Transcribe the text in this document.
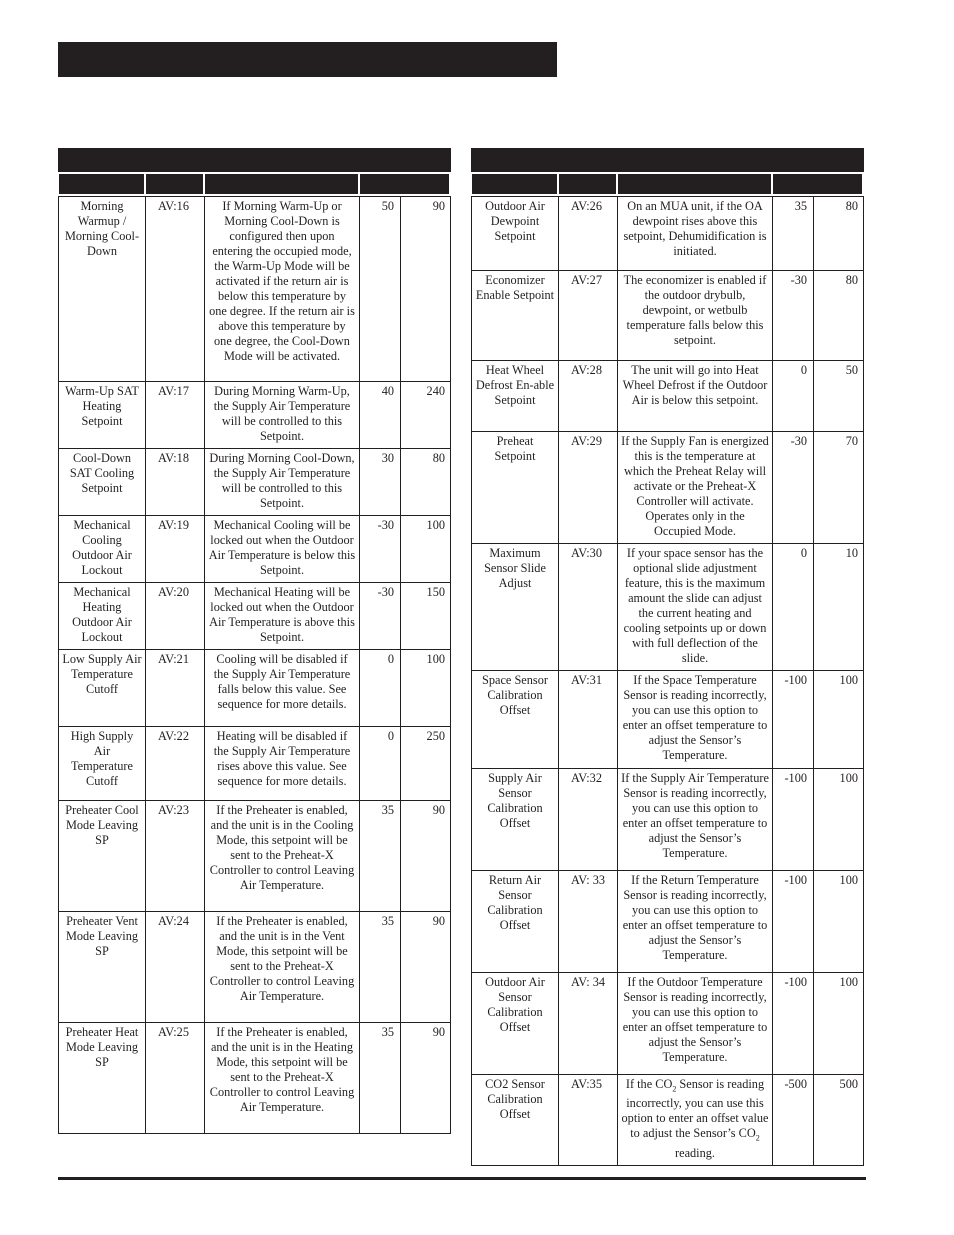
Morning Warmup / Morning Cool-Down	AV:16	If Morning Warm-Up or Morning Cool-Down is configured then upon entering the occupied mode, the Warm-Up Mode will be activated if the return air is below this temperature by one degree. If the return air is above this temperature by one degree, the Cool-Down Mode will be activated.	50	90
Warm-Up SAT Heating Setpoint	AV:17	During Morning Warm-Up, the Supply Air Temperature will be controlled to this Setpoint.	40	240
Cool-Down SAT Cooling Setpoint	AV:18	During Morning Cool-Down, the Supply Air Temperature will be controlled to this Setpoint.	30	80
Mechanical Cooling Outdoor Air Lockout	AV:19	Mechanical Cooling will be locked out when the Outdoor Air Temperature is below this Setpoint.	-30	100
Mechanical Heating Outdoor Air Lockout	AV:20	Mechanical Heating will be locked out when the Outdoor Air Temperature is above this Setpoint.	-30	150
Low Supply Air Temperature Cutoff	AV:21	Cooling will be disabled if the Supply Air Temperature falls below this value. See sequence for more details.	0	100
High Supply Air Temperature Cutoff	AV:22	Heating will be disabled if the Supply Air Temperature rises above this value. See sequence for more details.	0	250
Preheater Cool Mode Leaving SP	AV:23	If the Preheater is enabled, and the unit is in the Cooling Mode, this setpoint will be sent to the Preheat-X Controller to control Leaving Air Temperature.	35	90
Preheater Vent Mode Leaving SP	AV:24	If the Preheater is enabled, and the unit is in the Vent Mode, this setpoint will be sent to the Preheat-X Controller to control Leaving Air Temperature.	35	90
Preheater Heat Mode Leaving SP	AV:25	If the Preheater is enabled, and the unit is in the Heating Mode, this setpoint will be sent to the Preheat-X Controller to control Leaving Air Temperature.	35	90
Outdoor Air Dewpoint Setpoint	AV:26	On an MUA unit, if the OA dewpoint rises above this setpoint, Dehumidification is initiated.	35	80
Economizer Enable Setpoint	AV:27	The economizer is enabled if the outdoor drybulb, dewpoint, or wetbulb temperature falls below this setpoint.	-30	80
Heat Wheel Defrost En-able Setpoint	AV:28	The unit will go into Heat Wheel Defrost if the Outdoor Air is below this setpoint.	0	50
Preheat Setpoint	AV:29	If the Supply Fan is energized this is the temperature at which the Preheat Relay will activate or the Preheat-X Controller will activate. Operates only in the Occupied Mode.	-30	70
Maximum Sensor Slide Adjust	AV:30	If your space sensor has the optional slide adjustment feature, this is the maximum amount the slide can adjust the current heating and cooling setpoints up or down with full deflection of the slide.	0	10
Space Sensor Calibration Offset	AV:31	If the Space Temperature Sensor is reading incorrectly, you can use this option to enter an offset temperature to adjust the Sensor’s Temperature.	-100	100
Supply Air Sensor Calibration Offset	AV:32	If the Supply Air Temperature Sensor is reading incorrectly, you can use this option to enter an offset temperature to adjust the Sensor’s Temperature.	-100	100
Return Air Sensor Calibration Offset	AV: 33	If the Return Temperature Sensor is reading incorrectly, you can use this option to enter an offset temperature to adjust the Sensor’s Temperature.	-100	100
Outdoor Air Sensor Calibration Offset	AV: 34	If the Outdoor Temperature Sensor is reading incorrectly, you can use this option to enter an offset temperature to adjust the Sensor’s Temperature.	-100	100
CO2 Sensor Calibration Offset	AV:35	If the $CO_2$ Sensor is reading incorrectly, you can use this option to enter an offset value to adjust the Sensor’s $CO_2$ reading.	-500	500
